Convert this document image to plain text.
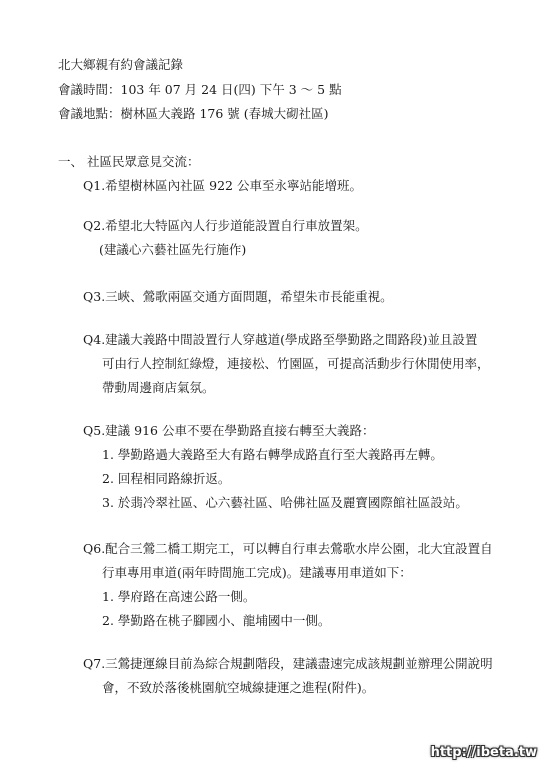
北大鄉親有約會議記錄
會議時間：103 年 07 月 24 日(四) 下午 3 ～ 5 點
會議地點：樹林區大義路 176 號 (春城大砌社區)
一、 社區民眾意見交流：
Q1.希望樹林區內社區 922 公車至永寧站能增班。
Q2.希望北大特區內人行步道能設置自行車放置架。
(建議心六藝社區先行施作)
Q3.三峽、鶯歌兩區交通方面問題，希望朱市長能重視。
Q4.建議大義路中間設置行人穿越道(學成路至學勤路之間路段)並且設置
可由行人控制紅綠燈，連接松、竹園區，可提高活動步行休閒使用率，
帶動周邊商店氣氛。
Q5.建議 916 公車不要在學勤路直接右轉至大義路：
1. 學勤路過大義路至大有路右轉學成路直行至大義路再左轉。
2. 回程相同路線折返。
3. 於翡冷翠社區、心六藝社區、哈佛社區及麗寶國際館社區設站。
Q6.配合三鶯二橋工期完工，可以轉自行車去鶯歌水岸公園，北大宜設置自
行車專用車道(兩年時間施工完成)。建議專用車道如下：
1. 學府路在高速公路一側。
2. 學勤路在桃子腳國小、龍埔國中一側。
Q7.三鶯捷運線目前為綜合規劃階段，建議盡速完成該規劃並辦理公開說明
會，不致於落後桃園航空城線捷運之進程(附件)。
http://ibeta.tw
